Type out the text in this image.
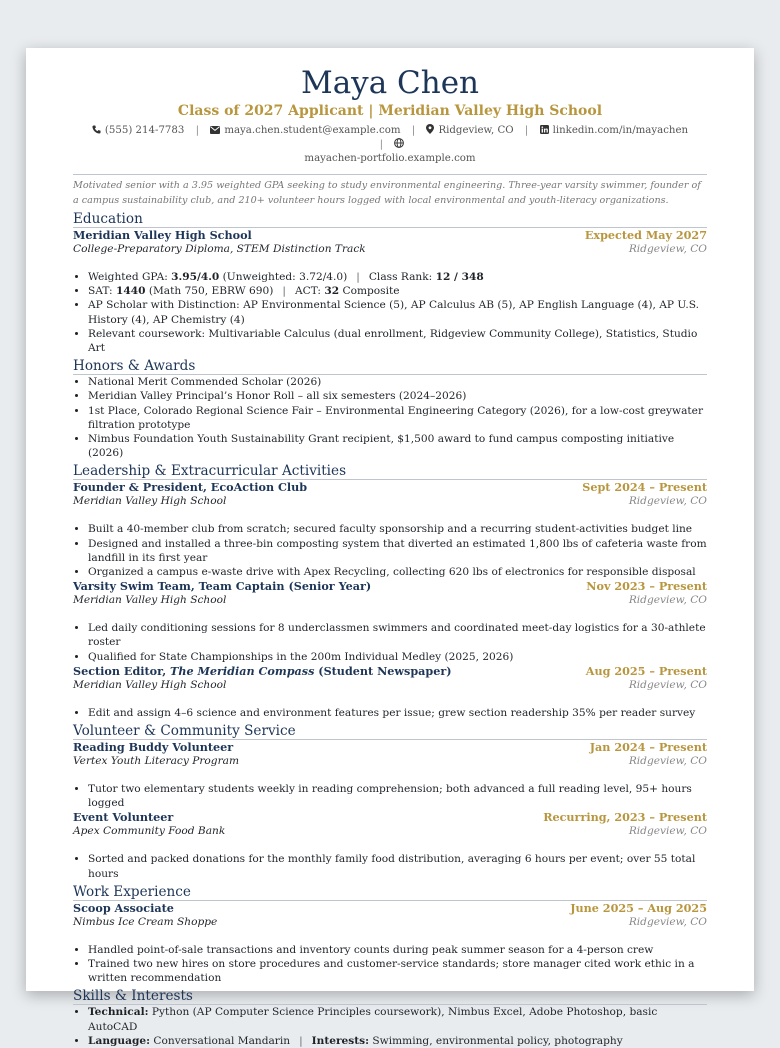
Maya Chen
Class of 2027 Applicant | Meridian Valley High School
(555) 214-7783 | maya.chen.student@example.com | Ridgeview, CO | linkedin.com/in/mayachen |
mayachen-portfolio.example.com
Motivated senior with a 3.95 weighted GPA seeking to study environmental engineering. Three-year varsity swimmer, founder of a campus sustainability club, and 210+ volunteer hours logged with local environmental and youth-literacy organizations.
Education
Meridian Valley High School	Expected May 2027
College-Preparatory Diploma, STEM Distinction Track	Ridgeview, CO
• Weighted GPA: 3.95/4.0 (Unweighted: 3.72/4.0) | Class Rank: 12 / 348
• SAT: 1440 (Math 750, EBRW 690) | ACT: 32 Composite
• AP Scholar with Distinction: AP Environmental Science (5), AP Calculus AB (5), AP English Language (4), AP U.S. History (4), AP Chemistry (4)
• Relevant coursework: Multivariable Calculus (dual enrollment, Ridgeview Community College), Statistics, Studio Art
Honors & Awards
• National Merit Commended Scholar (2026)
• Meridian Valley Principal’s Honor Roll – all six semesters (2024–2026)
• 1st Place, Colorado Regional Science Fair – Environmental Engineering Category (2026), for a low-cost greywater filtration prototype
• Nimbus Foundation Youth Sustainability Grant recipient, $1,500 award to fund campus composting initiative (2026)
Leadership & Extracurricular Activities
Founder & President, EcoAction Club	Sept 2024 – Present
Meridian Valley High School	Ridgeview, CO
• Built a 40-member club from scratch; secured faculty sponsorship and a recurring student-activities budget line
• Designed and installed a three-bin composting system that diverted an estimated 1,800 lbs of cafeteria waste from landfill in its first year
• Organized a campus e-waste drive with Apex Recycling, collecting 620 lbs of electronics for responsible disposal
Varsity Swim Team, Team Captain (Senior Year)	Nov 2023 – Present
Meridian Valley High School	Ridgeview, CO
• Led daily conditioning sessions for 8 underclassmen swimmers and coordinated meet-day logistics for a 30-athlete roster
• Qualified for State Championships in the 200m Individual Medley (2025, 2026)
Section Editor, The Meridian Compass (Student Newspaper)	Aug 2025 – Present
Meridian Valley High School	Ridgeview, CO
• Edit and assign 4–6 science and environment features per issue; grew section readership 35% per reader survey
Volunteer & Community Service
Reading Buddy Volunteer	Jan 2024 – Present
Vertex Youth Literacy Program	Ridgeview, CO
• Tutor two elementary students weekly in reading comprehension; both advanced a full reading level, 95+ hours logged
Event Volunteer	Recurring, 2023 – Present
Apex Community Food Bank	Ridgeview, CO
• Sorted and packed donations for the monthly family food distribution, averaging 6 hours per event; over 55 total hours
Work Experience
Scoop Associate	June 2025 – Aug 2025
Nimbus Ice Cream Shoppe	Ridgeview, CO
• Handled point-of-sale transactions and inventory counts during peak summer season for a 4-person crew
• Trained two new hires on store procedures and customer-service standards; store manager cited work ethic in a written recommendation
Skills & Interests
• Technical: Python (AP Computer Science Principles coursework), Nimbus Excel, Adobe Photoshop, basic AutoCAD
• Language: Conversational Mandarin | Interests: Swimming, environmental policy, photography
